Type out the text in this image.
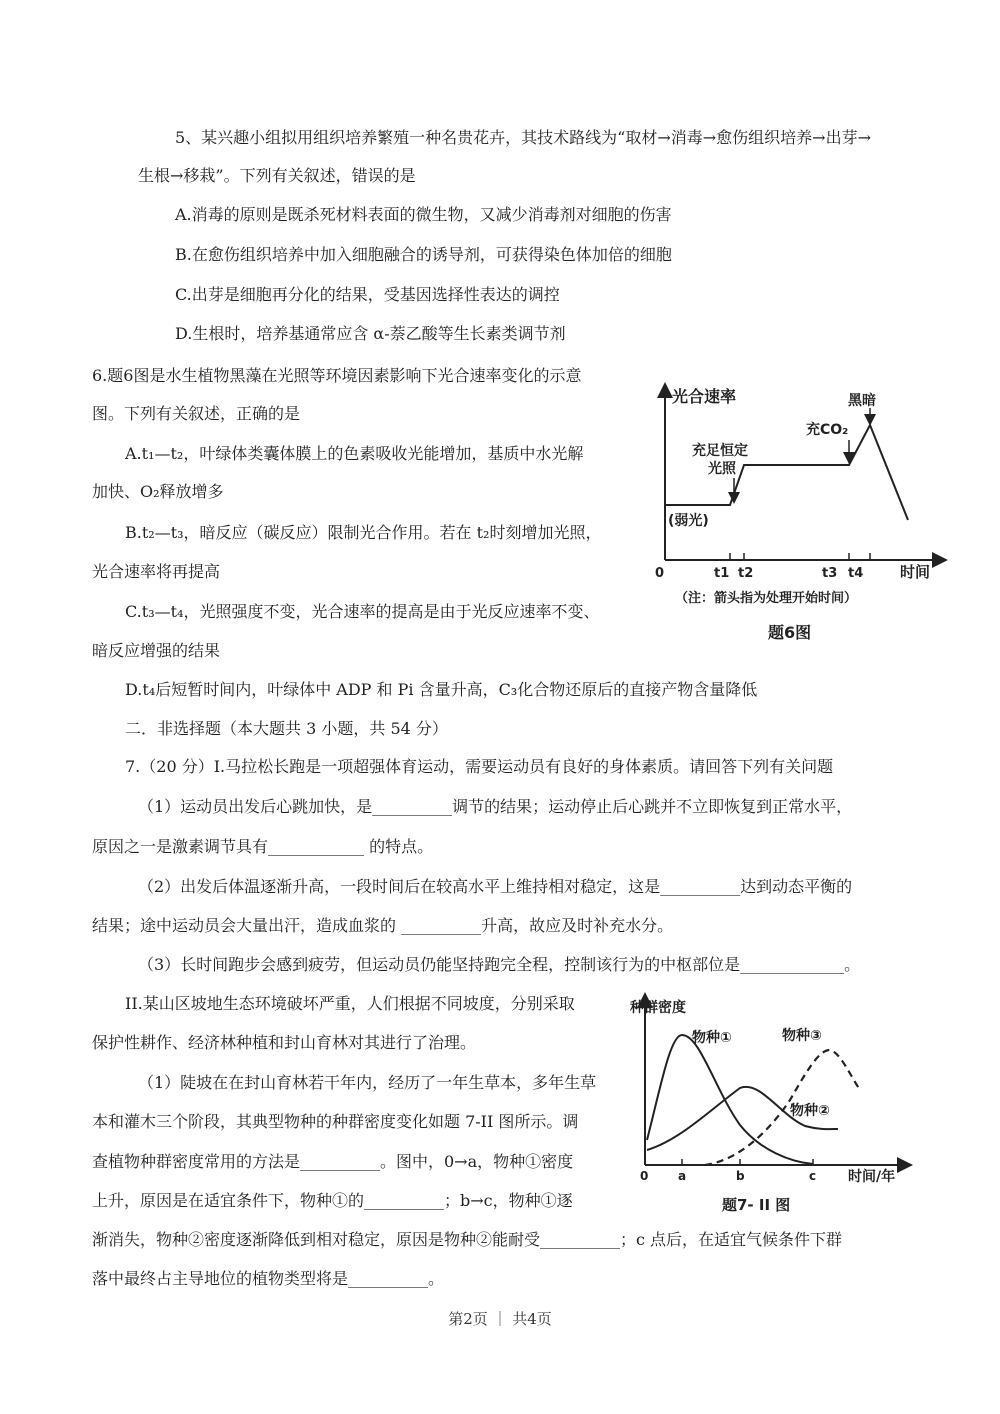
5、某兴趣小组拟用组织培养繁殖一种名贵花卉，其技术路线为“取材→消毒→愈伤组织培养→出芽→
生根→移栽”。下列有关叙述，错误的是
A.消毒的原则是既杀死材料表面的微生物，又减少消毒剂对细胞的伤害
B.在愈伤组织培养中加入细胞融合的诱导剂，可获得染色体加倍的细胞
C.出芽是细胞再分化的结果，受基因选择性表达的调控
D.生根时，培养基通常应含 α-萘乙酸等生长素类调节剂
6.题6图是水生植物黑藻在光照等环境因素影响下光合速率变化的示意
图。下列有关叙述，正确的是
A.t₁—t₂，叶绿体类囊体膜上的色素吸收光能增加，基质中水光解
加快、O₂释放增多
B.t₂—t₃，暗反应（碳反应）限制光合作用。若在 t₂时刻增加光照，
光合速率将再提高
C.t₃—t₄，光照强度不变，光合速率的提高是由于光反应速率不变、
暗反应增强的结果
D.t₄后短暂时间内，叶绿体中 ADP 和 Pi 含量升高，C₃化合物还原后的直接产物含量降低
光合速率
时间
0	t1 t2	t3 t4
充足恒定
光照
充CO₂
黑暗
(弱光)
（注：箭头指为处理开始时间）
题6图
二．非选择题（本大题共 3 小题，共 54 分）
7.（20 分）I.马拉松长跑是一项超强体育运动，需要运动员有良好的身体素质。请回答下列有关问题
（1）运动员出发后心跳加快，是__________调节的结果；运动停止后心跳并不立即恢复到正常水平，
原因之一是激素调节具有____________ 的特点。
（2）出发后体温逐渐升高，一段时间后在较高水平上维持相对稳定，这是__________达到动态平衡的
结果；途中运动员会大量出汗，造成血浆的 __________升高，故应及时补充水分。
（3）长时间跑步会感到疲劳，但运动员仍能坚持跑完全程，控制该行为的中枢部位是_____________。
II.某山区坡地生态环境破坏严重，人们根据不同坡度，分别采取
保护性耕作、经济林种植和封山育林对其进行了治理。
（1）陡坡在在封山育林若干年内，经历了一年生草本，多年生草
本和灌木三个阶段，其典型物种的种群密度变化如题 7-II 图所示。调
查植物种群密度常用的方法是__________。图中，0→a，物种①密度
上升，原因是在适宜条件下，物种①的__________；b→c，物种①逐
渐消失，物种②密度逐渐降低到相对稳定，原因是物种②能耐受__________；c 点后，在适宜气候条件下群
落中最终占主导地位的植物类型将是__________。
种群密度
时间/年
0 a	b	c
物种①
物种②
物种③
题7- II 图
第2页 ｜ 共4页
